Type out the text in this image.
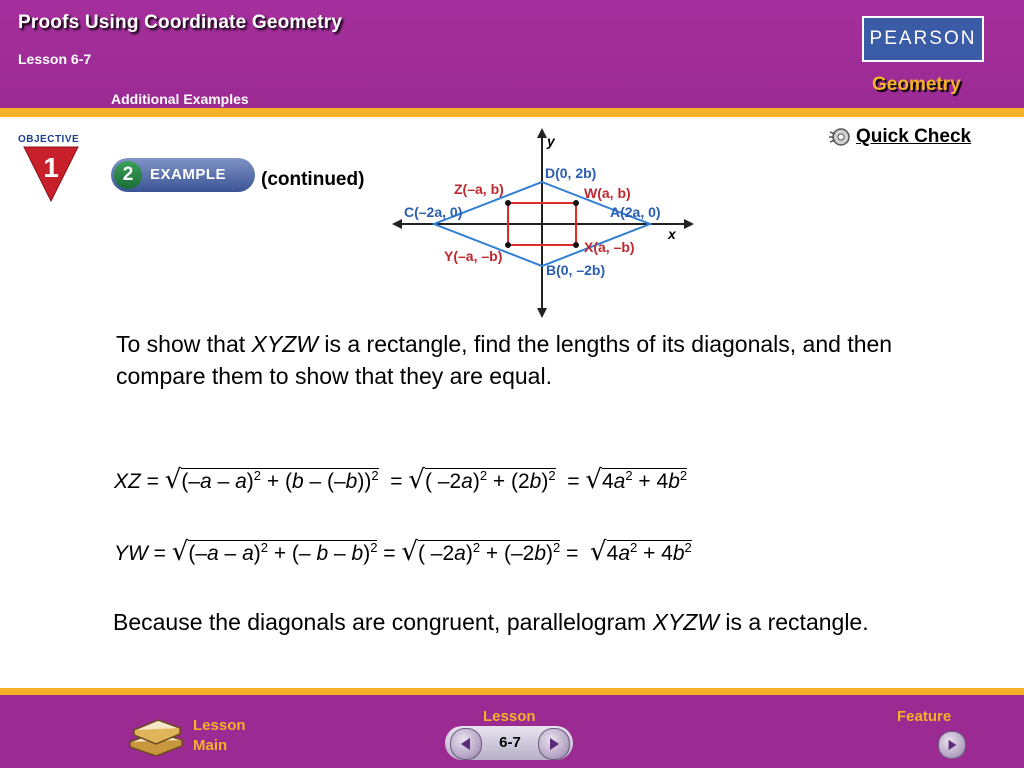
Proofs Using Coordinate Geometry
Lesson 6-7
Additional Examples
PEARSON
Geometry
OBJECTIVE
1	2	EXAMPLE (continued)
Quick Check
y
x
D(0, 2b)
Z(–a, b)	W(a, b)
C(–2a, 0)	A(2a, 0)
Y(–a, –b)
X(a, –b)
B(0, –2b)
To show that XYZW is a rectangle, find the lengths of its diagonals, and then compare them to show that they are equal.
XZ = √(–a – a)$^2$ + (b – (–b))$^2$  = √( $-2a)^2 + (2b)^2 = √4a^2 + 4b^2$
YW = √(–a – a)$^2$ + (– b – b)$^2$ = √( $-2a)^2 + (-2b)^2 = √4a^2 + 4b^2$
Because the diagonals are congruent, parallelogram XYZW is a rectangle.
Lesson
Main
Lesson
6-7
Feature
